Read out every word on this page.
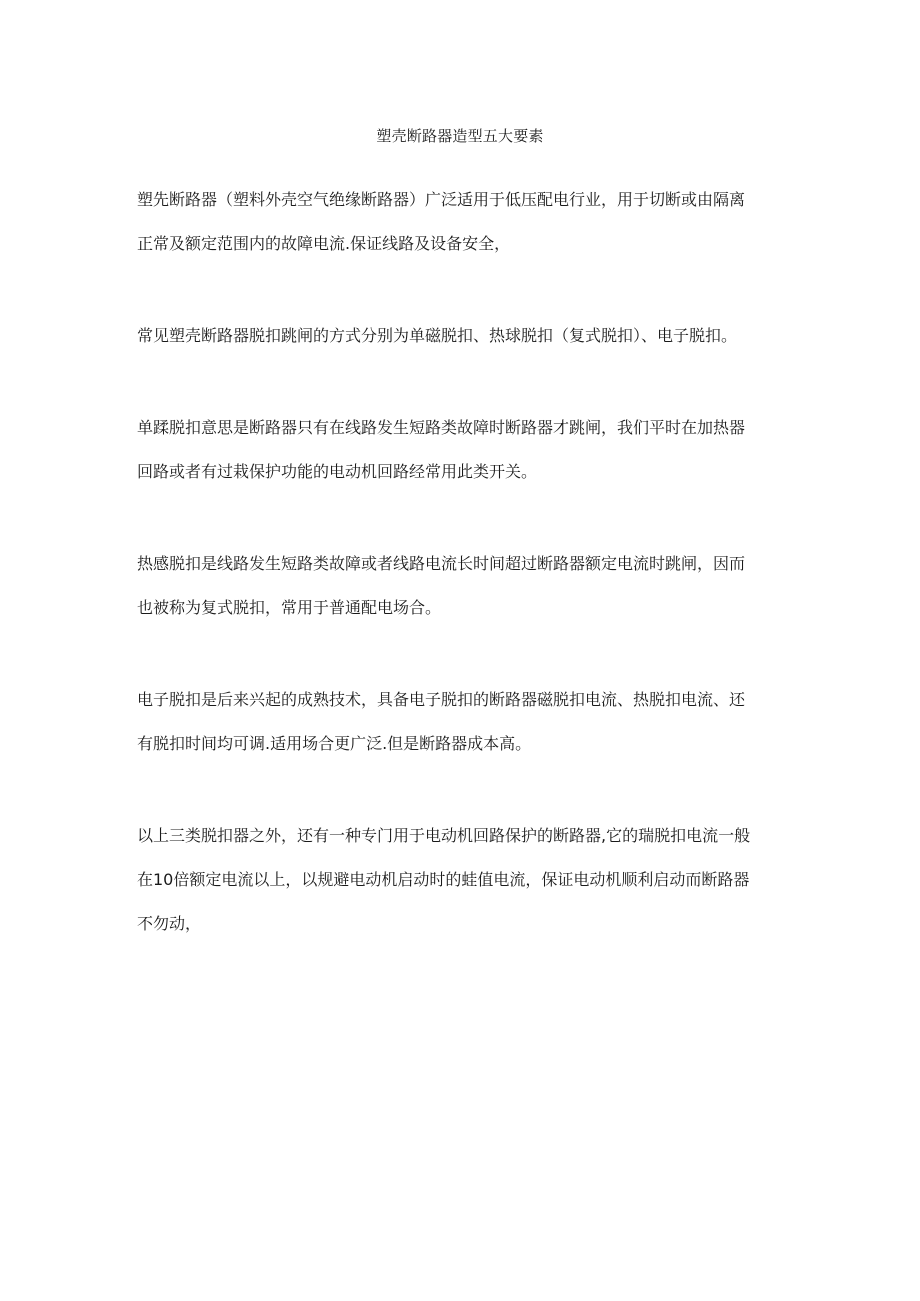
塑壳断路器造型五大要素

塑先断路器（塑料外壳空气绝缘断路器）广泛适用于低压配电行业，用于切断或由隔离
正常及额定范围内的故障电流.保证线路及设备安全，

常见塑壳断路器脱扣跳闸的方式分别为单磁脱扣、热球脱扣（复式脱扣）、电子脱扣。

单蹂脱扣意思是断路器只有在线路发生短路类故障时断路器才跳闸，我们平时在加热器
回路或者有过栽保护功能的电动机回路经常用此类开关。

热感脱扣是线路发生短路类故障或者线路电流长时间超过断路器额定电流时跳闸，因而
也被称为复式脱扣，常用于普通配电场合。

电子脱扣是后来兴起的成熟技术，具备电子脱扣的断路器磁脱扣电流、热脱扣电流、还
有脱扣时间均可调.适用场合更广泛.但是断路器成本高。

以上三类脱扣器之外，还有一种专门用于电动机回路保护的断路器,它的瑞脱扣电流一般
在10倍额定电流以上，以规避电动机启动时的蛙值电流，保证电动机顺利启动而断路器
不勿动，
